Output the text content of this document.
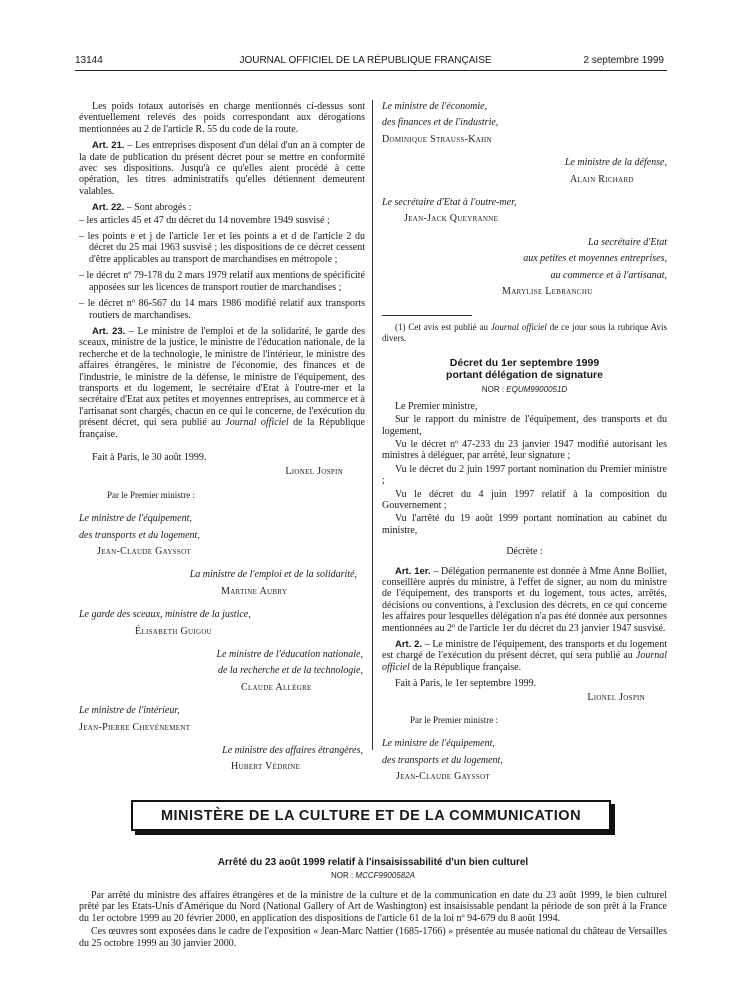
13144	JOURNAL OFFICIEL DE LA RÉPUBLIQUE FRANÇAISE	2 septembre 1999

Les poids totaux autorisés en charge mentionnés ci-dessus sont éventuellement relevés des poids correspondant aux dérogations mentionnées au 2 de l'article R. 55 du code de la route.

Art. 21. – Les entreprises disposent d'un délai d'un an à compter de la date de publication du présent décret pour se mettre en conformité avec ses dispositions. Jusqu'à ce qu'elles aient procédé à cette opération, les titres administratifs qu'elles détiennent demeurent valables.

Art. 22. – Sont abrogés :

– les articles 45 et 47 du décret du 14 novembre 1949 susvisé ;

– les points e et j de l'article 1er et les points a et d de l'article 2 du décret du 25 mai 1963 susvisé ; les dispositions de ce décret cessent d'être applicables au transport de marchandises en métropole ;

– le décret nº 79-178 du 2 mars 1979 relatif aux mentions de spécificité apposées sur les licences de transport routier de marchandises ;

– le décret nº 86-567 du 14 mars 1986 modifié relatif aux transports routiers de marchandises.

Art. 23. – Le ministre de l'emploi et de la solidarité, le garde des sceaux, ministre de la justice, le ministre de l'éducation nationale, de la recherche et de la technologie, le ministre de l'intérieur, le ministre des affaires étrangères, le ministre de l'économie, des finances et de l'industrie, le ministre de la défense, le ministre de l'équipement, des transports et du logement, le secrétaire d'Etat à l'outre-mer et la secrétaire d'Etat aux petites et moyennes entreprises, au commerce et à l'artisanat sont chargés, chacun en ce qui le concerne, de l'exécution du présent décret, qui sera publié au Journal officiel de la République française.

Fait à Paris, le 30 août 1999.

Lionel Jospin

Par le Premier ministre :

Le ministre de l'équipement,

des transports et du logement,

Jean-Claude Gayssot

La ministre de l'emploi et de la solidarité,

Martine Aubry

Le garde des sceaux, ministre de la justice,

Élisabeth Guigou

Le ministre de l'éducation nationale,

de la recherche et de la technologie,

Claude Allègre

Le ministre de l'intérieur,

Jean-Pierre Chevènement

Le ministre des affaires étrangères,

Hubert Védrine

Le ministre de l'économie,

des finances et de l'industrie,

Dominique Strauss-Kahn

Le ministre de la défense,

Alain Richard

Le secrétaire d'Etat à l'outre-mer,

Jean-Jack Queyranne

La secrétaire d'Etat

aux petites et moyennes entreprises,

au commerce et à l'artisanat,

Marylise Lebranchu

(1) Cet avis est publié au Journal officiel de ce jour sous la rubrique Avis divers.

Décret du 1er septembre 1999
portant délégation de signature

NOR : EQUM9900051D

Le Premier ministre,

Sur le rapport du ministre de l'équipement, des transports et du logement,

Vu le décret nº 47-233 du 23 janvier 1947 modifié autorisant les ministres à déléguer, par arrêté, leur signature ;

Vu le décret du 2 juin 1997 portant nomination du Premier ministre ;

Vu le décret du 4 juin 1997 relatif à la composition du Gouvernement ;

Vu l'arrêté du 19 août 1999 portant nomination au cabinet du ministre,

Décrète :

Art. 1er. – Délégation permanente est donnée à Mme Anne Bolliet, conseillère auprès du ministre, à l'effet de signer, au nom du ministre de l'équipement, des transports et du logement, tous actes, arrêtés, décisions ou conventions, à l'exclusion des décrets, en ce qui concerne les affaires pour lesquelles délégation n'a pas été donnée aux personnes mentionnées au 2º de l'article 1er du décret du 23 janvier 1947 susvisé.

Art. 2. – Le ministre de l'équipement, des transports et du logement est chargé de l'exécution du présent décret, qui sera publié au Journal officiel de la République française.

Fait à Paris, le 1er septembre 1999.

Lionel Jospin

Par le Premier ministre :

Le ministre de l'équipement,

des transports et du logement,

Jean-Claude Gayssot

MINISTÈRE DE LA CULTURE ET DE LA COMMUNICATION
Arrêté du 23 août 1999 relatif à l'insaisissabilité d'un bien culturel
NOR : MCCF9900582A

Par arrêté du ministre des affaires étrangères et de la ministre de la culture et de la communication en date du 23 août 1999, le bien culturel prêté par les Etats-Unis d'Amérique du Nord (National Gallery of Art de Washington) est insaisissable pendant la période de son prêt à la France du 1er octobre 1999 au 20 février 2000, en application des dispositions de l'article 61 de la loi nº 94-679 du 8 août 1994.

Ces œuvres sont exposées dans le cadre de l'exposition « Jean-Marc Nattier (1685-1766) » présentée au musée national du château de Versailles du 25 octobre 1999 au 30 janvier 2000.
